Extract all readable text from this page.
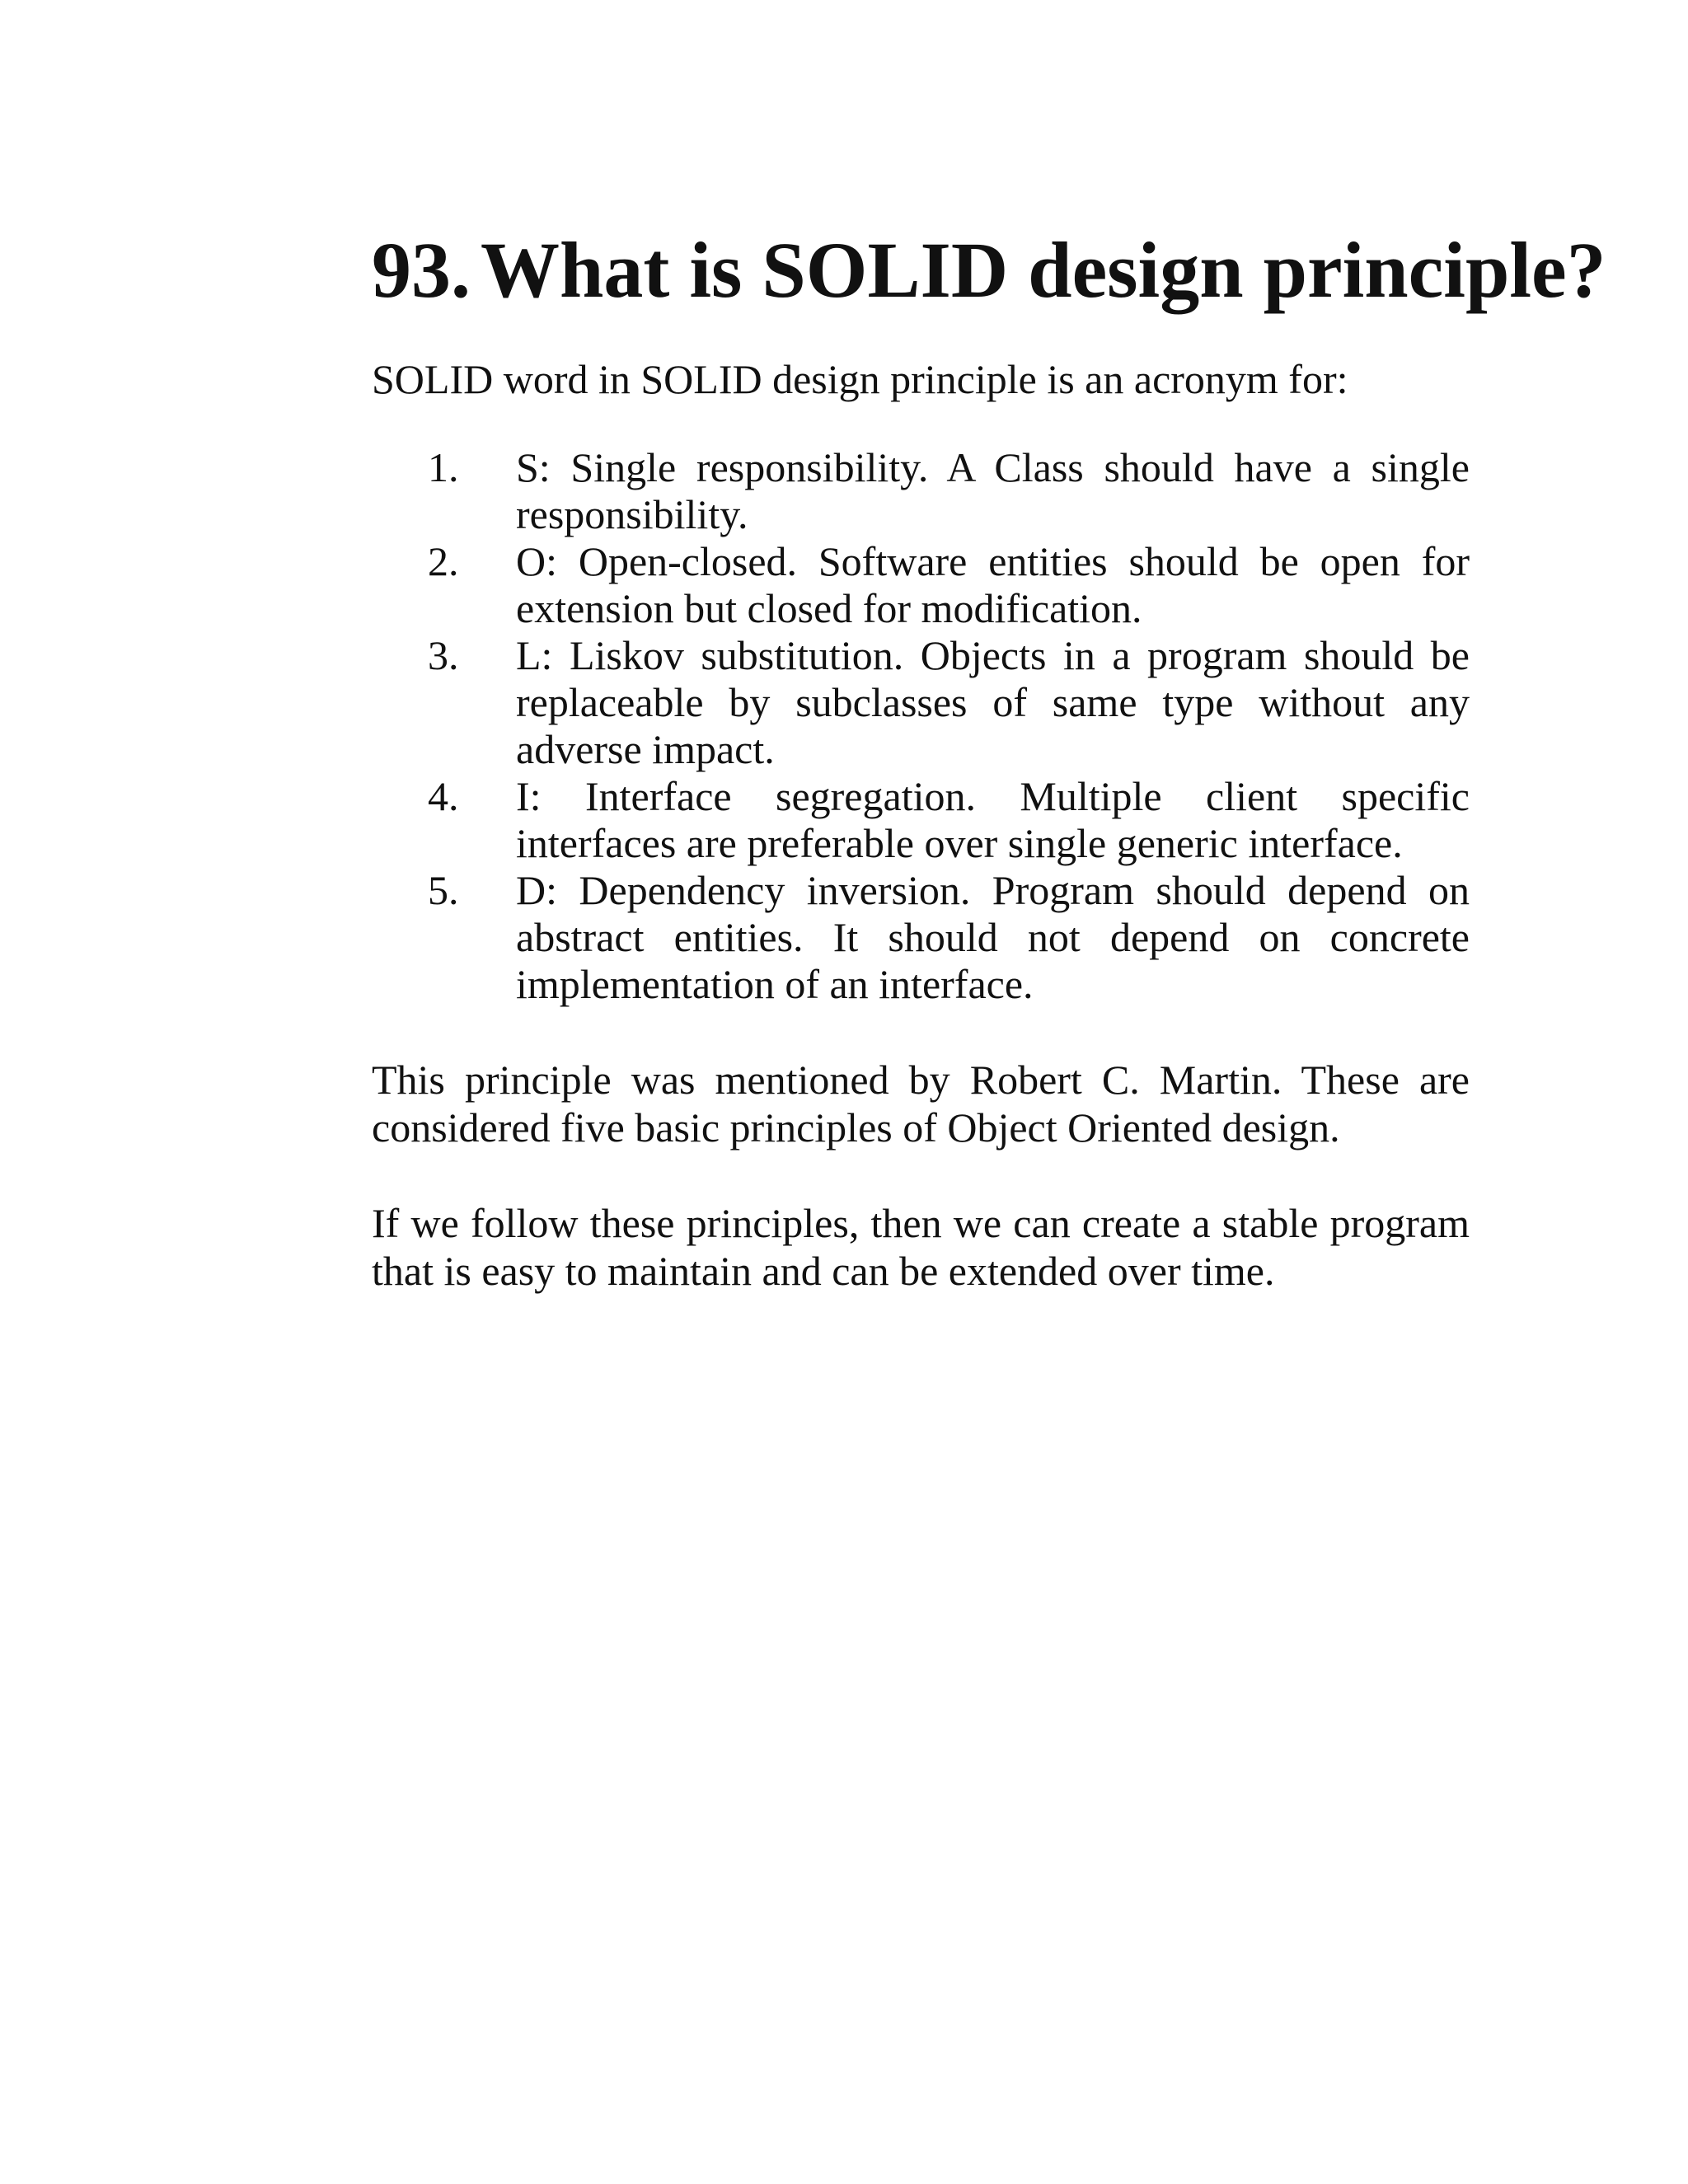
93. What is SOLID design principle?

SOLID word in SOLID design principle is an acronym for:

1.	S: Single responsibility. A Class should have a single responsibility.
2.	O: Open-closed. Software entities should be open for extension but closed for modification.
3.	L: Liskov substitution. Objects in a program should be replaceable by subclasses of same type without any adverse impact.
4.	I: Interface segregation. Multiple client specific interfaces are preferable over single generic interface.
5.	D: Dependency inversion. Program should depend on abstract entities. It should not depend on concrete implementation of an interface.

This principle was mentioned by Robert C. Martin. These are considered five basic principles of Object Oriented design.

If we follow these principles, then we can create a stable program that is easy to maintain and can be extended over time.
